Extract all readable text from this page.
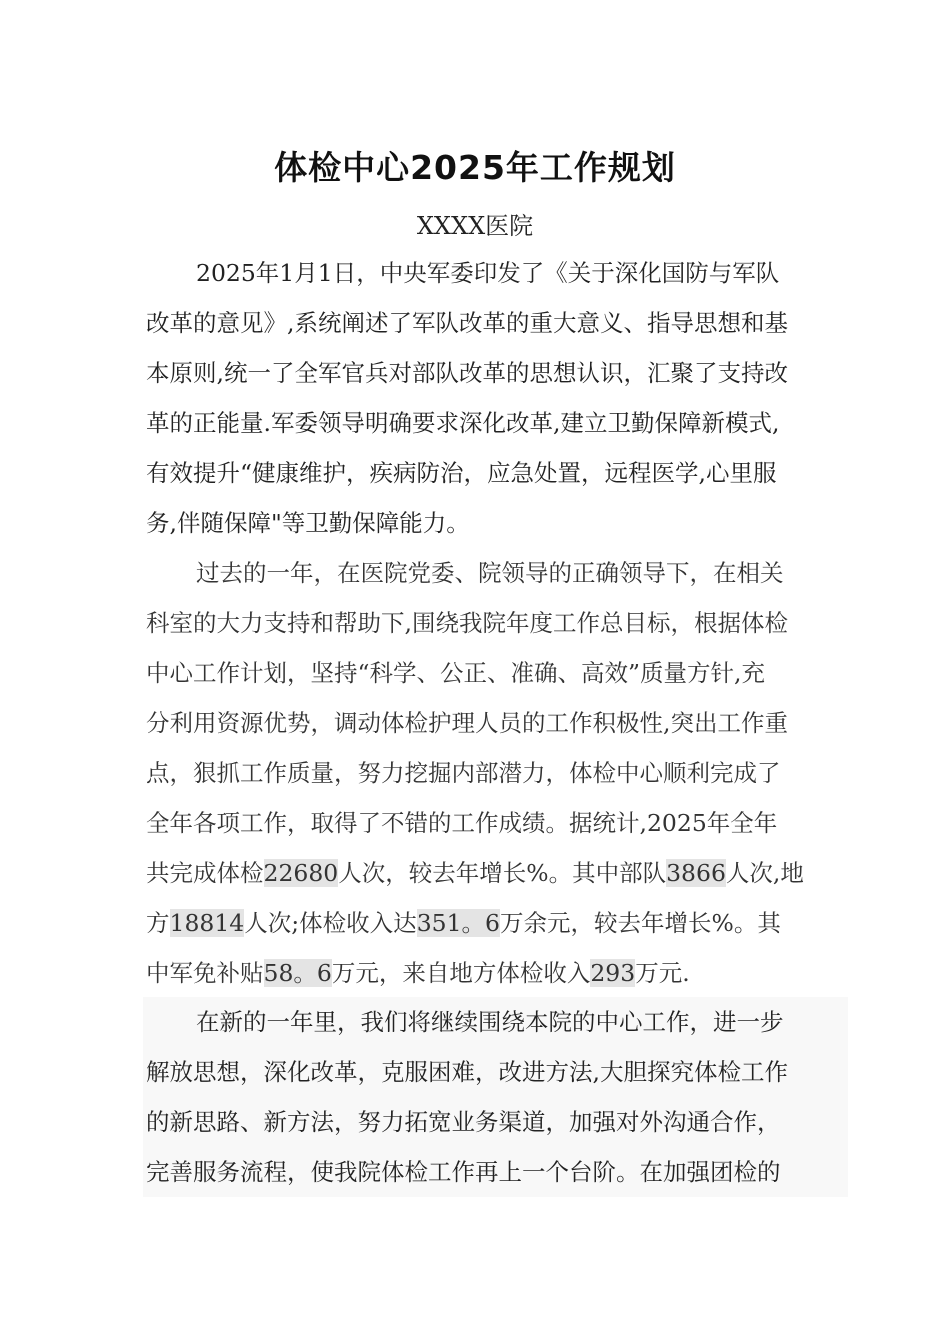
体检中心2025年工作规划
XXXX医院
2025年1月1日，中央军委印发了《关于深化国防与军队
改革的意见》,系统阐述了军队改革的重大意义、指导思想和基
本原则,统一了全军官兵对部队改革的思想认识，汇聚了支持改
革的正能量.军委领导明确要求深化改革,建立卫勤保障新模式,
有效提升“健康维护，疾病防治，应急处置，远程医学,心里服
务,伴随保障"等卫勤保障能力。
过去的一年，在医院党委、院领导的正确领导下，在相关
科室的大力支持和帮助下,围绕我院年度工作总目标，根据体检
中心工作计划，坚持“科学、公正、准确、高效”质量方针,充
分利用资源优势，调动体检护理人员的工作积极性,突出工作重
点，狠抓工作质量，努力挖掘内部潜力，体检中心顺利完成了
全年各项工作，取得了不错的工作成绩。据统计,2025年全年
共完成体检22680人次，较去年增长%。其中部队3866人次,地
方18814人次;体检收入达351。6万余元，较去年增长%。其
中军免补贴58。6万元，来自地方体检收入293万元.
在新的一年里，我们将继续围绕本院的中心工作，进一步
解放思想，深化改革，克服困难，改进方法,大胆探究体检工作
的新思路、新方法，努力拓宽业务渠道，加强对外沟通合作，
完善服务流程，使我院体检工作再上一个台阶。在加强团检的
